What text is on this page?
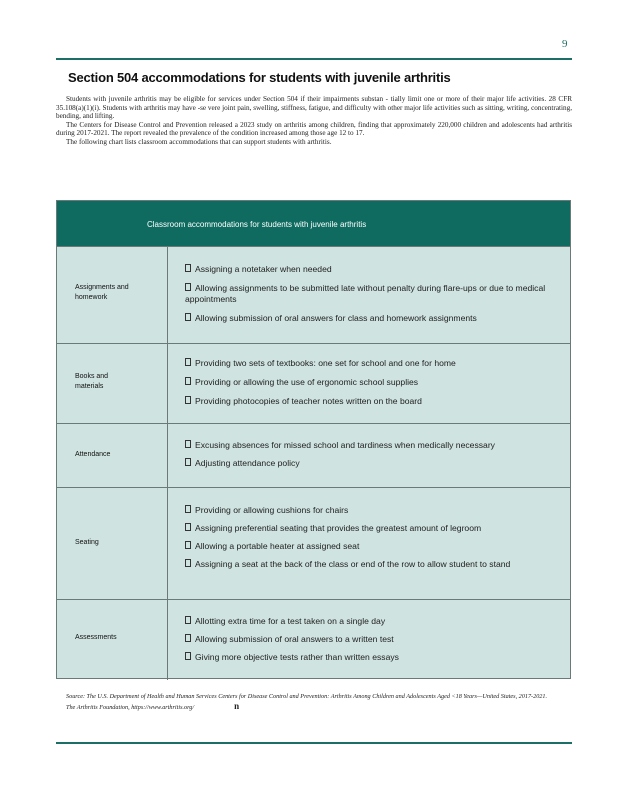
9
Section 504 accommodations for students with juvenile arthritis

Students with juvenile arthritis may be eligible for services under Section 504 if their impairments substan - tially limit one or more of their major life activities. 28 CFR 35.108(a)(1)(i). Students with arthritis may have -se vere joint pain, swelling, stiffness, fatigue, and difficulty with other major life activities such as sitting, writing, concentrating, bending, and lifting.

The Centers for Disease Control and Prevention released a 2023 study on arthritis among children, finding that approximately 220,000 children and adolescents had arthritis during 2017-2021. The report revealed the prevalence of the condition increased among those age 12 to 17.

The following chart lists classroom accommodations that can support students with arthritis.

Classroom accommodations for students with juvenile arthritis
Assignments and homework
Assigning a notetaker when needed
Allowing assignments to be submitted late without penalty during flare-ups or due to medical appointments
Allowing submission of oral answers for class and homework assignments
Books and materials
Providing two sets of textbooks: one set for school and one for home
Providing or allowing the use of ergonomic school supplies
Providing photocopies of teacher notes written on the board
Attendance
Excusing absences for missed school and tardiness when medically necessary
Adjusting attendance policy
Seating
Providing or allowing cushions for chairs
Assigning preferential seating that provides the greatest amount of legroom
Allowing a portable heater at assigned seat
Assigning a seat at the back of the class or end of the row to allow student to stand
Assessments
Allotting extra time for a test taken on a single day
Allowing submission of oral answers to a written test
Giving more objective tests rather than written essays
Source: The U.S. Department of Health and Human Services Centers for Disease Control and Prevention: Arthritis Among Children and Adolescents Aged <18 Years—United States, 2017-2021.
The Arthritis Foundation, https://www.arthritis.org/	n
